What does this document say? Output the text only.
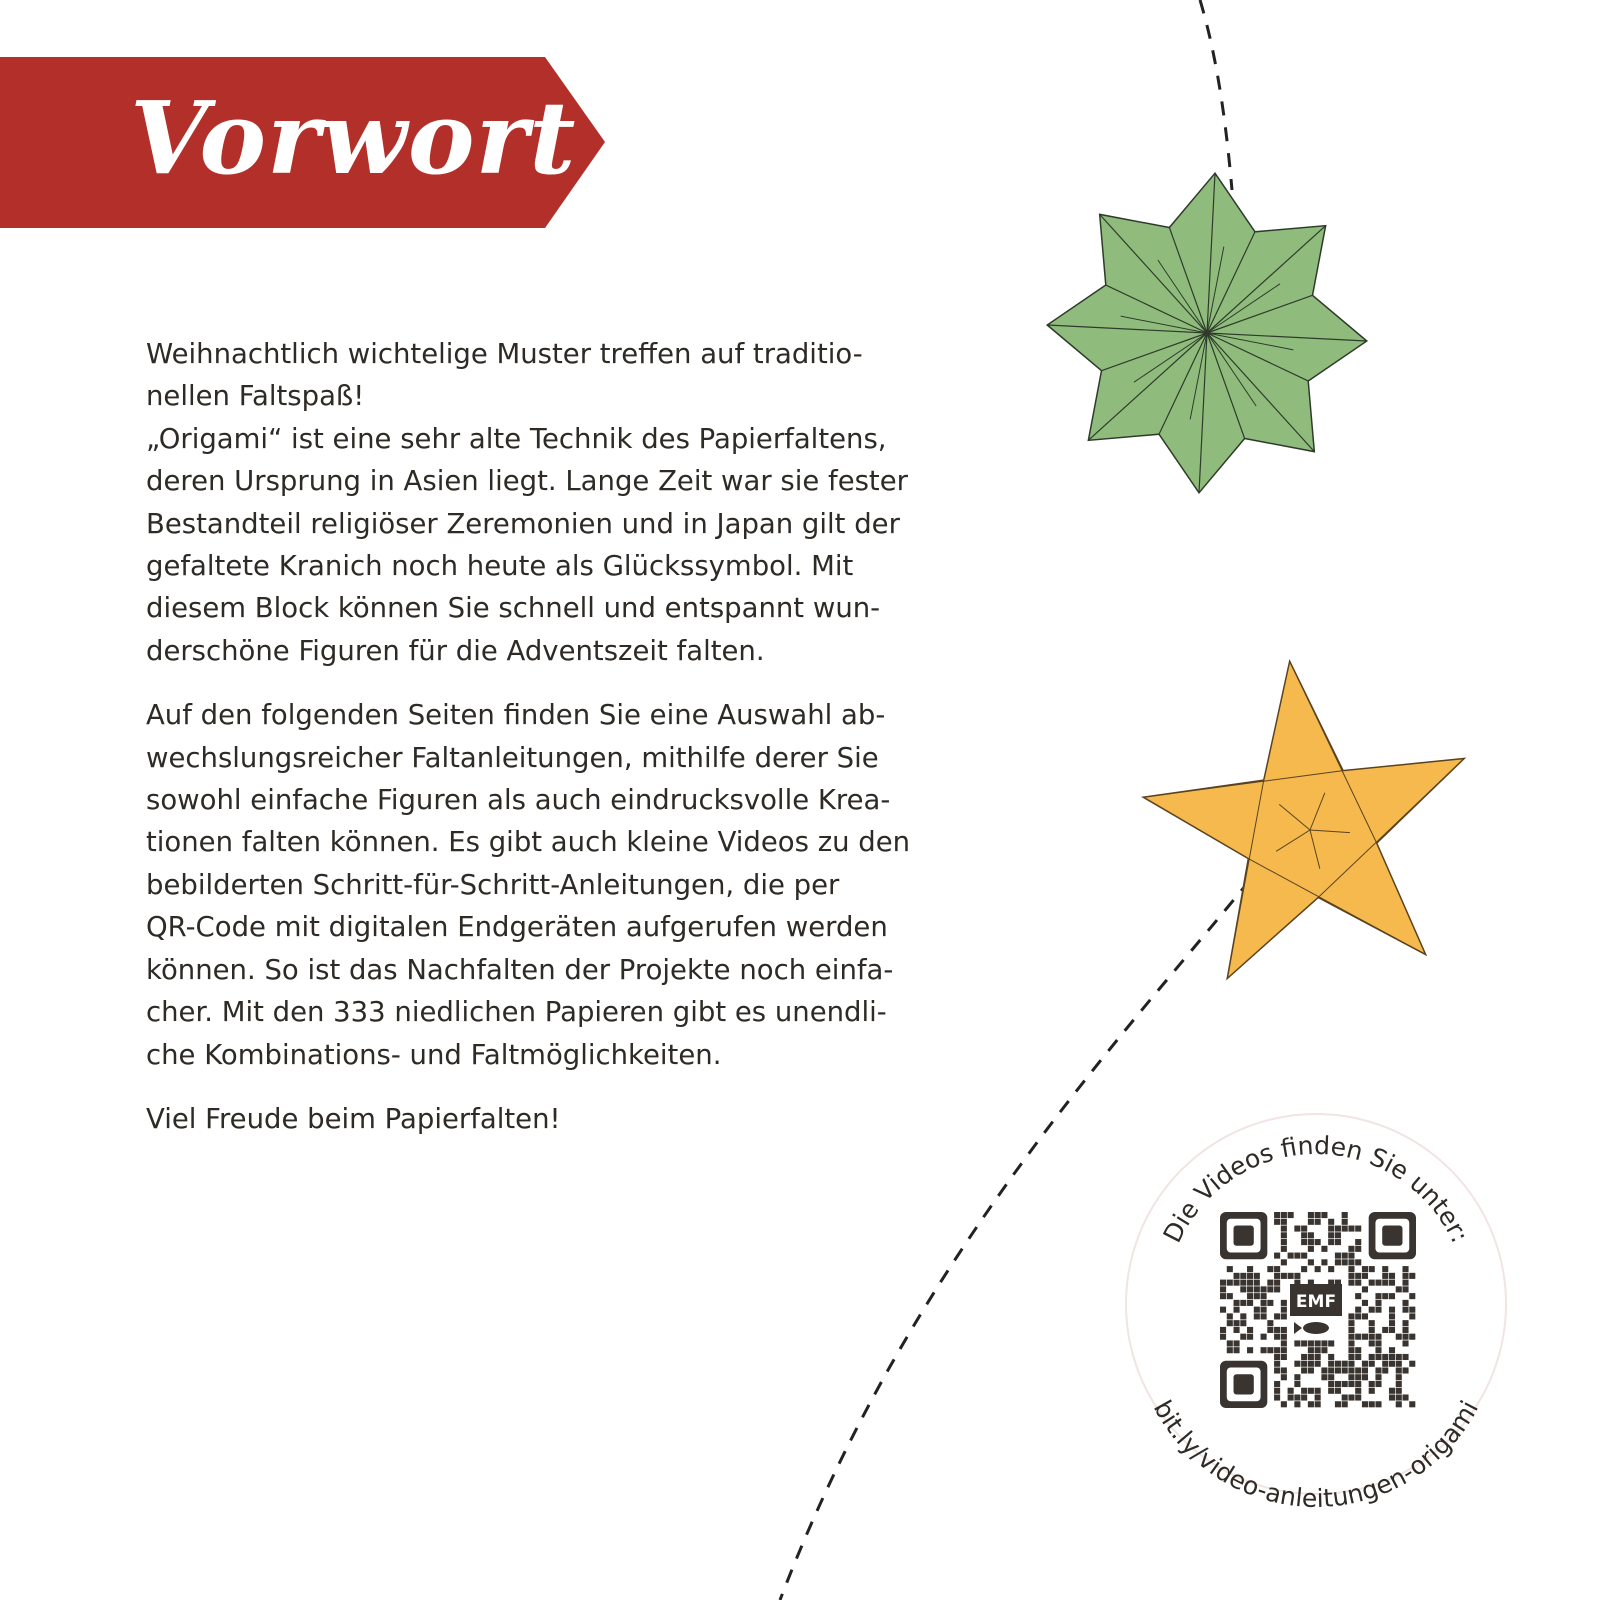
Die Videos finden Sie unter:
bit.ly/video-anleitungen-origami
EMF
Vorwort

Weihnachtlich wichtelige Muster treffen auf traditio-
nellen Faltspaß!
„Origami“ ist eine sehr alte Technik des Papierfaltens,
deren Ursprung in Asien liegt. Lange Zeit war sie fester
Bestandteil religiöser Zeremonien und in Japan gilt der
gefaltete Kranich noch heute als Glückssymbol. Mit
diesem Block können Sie schnell und entspannt wun-
derschöne Figuren für die Adventszeit falten.

Auf den folgenden Seiten finden Sie eine Auswahl ab-
wechslungsreicher Faltanleitungen, mithilfe derer Sie
sowohl einfache Figuren als auch eindrucksvolle Krea-
tionen falten können. Es gibt auch kleine Videos zu den
bebilderten Schritt-für-Schritt-Anleitungen, die per
QR-Code mit digitalen Endgeräten aufgerufen werden
können. So ist das Nachfalten der Projekte noch einfa-
cher. Mit den 333 niedlichen Papieren gibt es unendli-
che Kombinations- und Faltmöglichkeiten.

Viel Freude beim Papierfalten!
